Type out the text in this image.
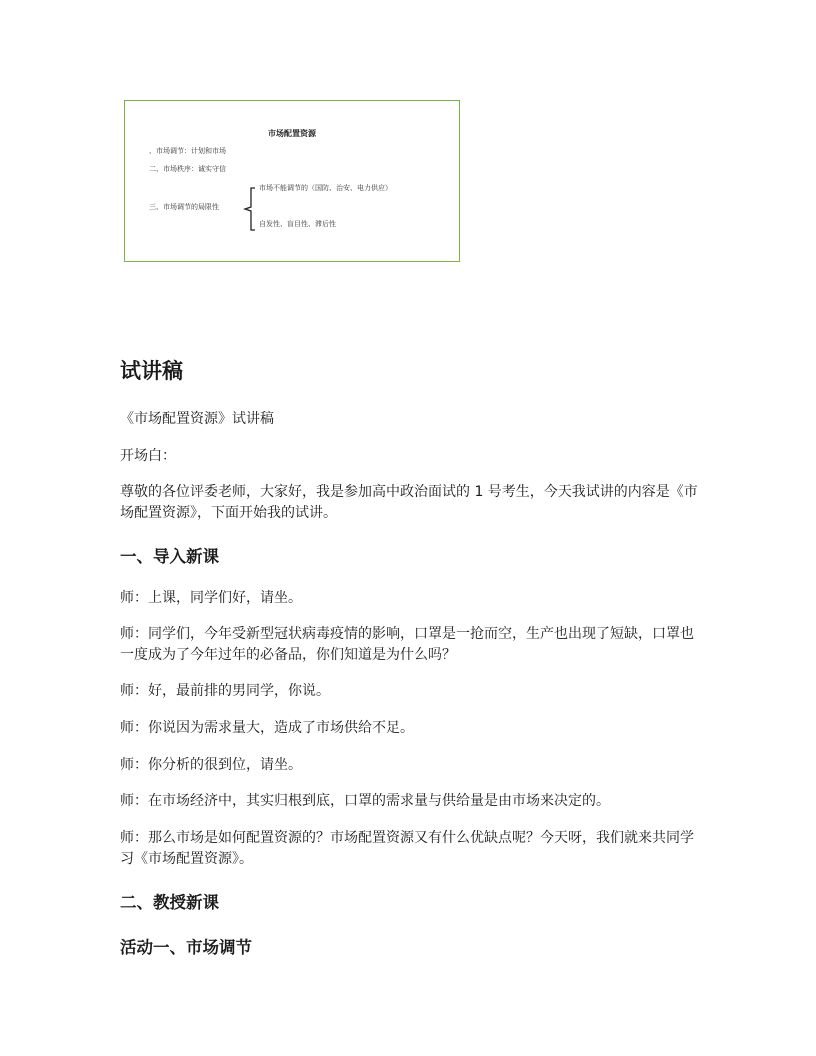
市场配置资源
、市场调节：计划和市场
二、市场秩序：诚实守信
三、市场调节的局限性
市场不能调节的（国防、治安、电力供应）
自发性、盲目性、滞后性
试讲稿

《市场配置资源》试讲稿

开场白：

尊敬的各位评委老师，大家好，我是参加高中政治面试的 1 号考生，今天我试讲的内容是《市场配置资源》，下面开始我的试讲。

一、导入新课

师：上课，同学们好，请坐。

师：同学们，今年受新型冠状病毒疫情的影响，口罩是一抢而空，生产也出现了短缺，口罩也一度成为了今年过年的必备品，你们知道是为什么吗？

师：好，最前排的男同学，你说。

师：你说因为需求量大，造成了市场供给不足。

师：你分析的很到位，请坐。

师：在市场经济中，其实归根到底，口罩的需求量与供给量是由市场来决定的。

师：那么市场是如何配置资源的？市场配置资源又有什么优缺点呢？今天呀，我们就来共同学习《市场配置资源》。

二、教授新课
活动一、市场调节
